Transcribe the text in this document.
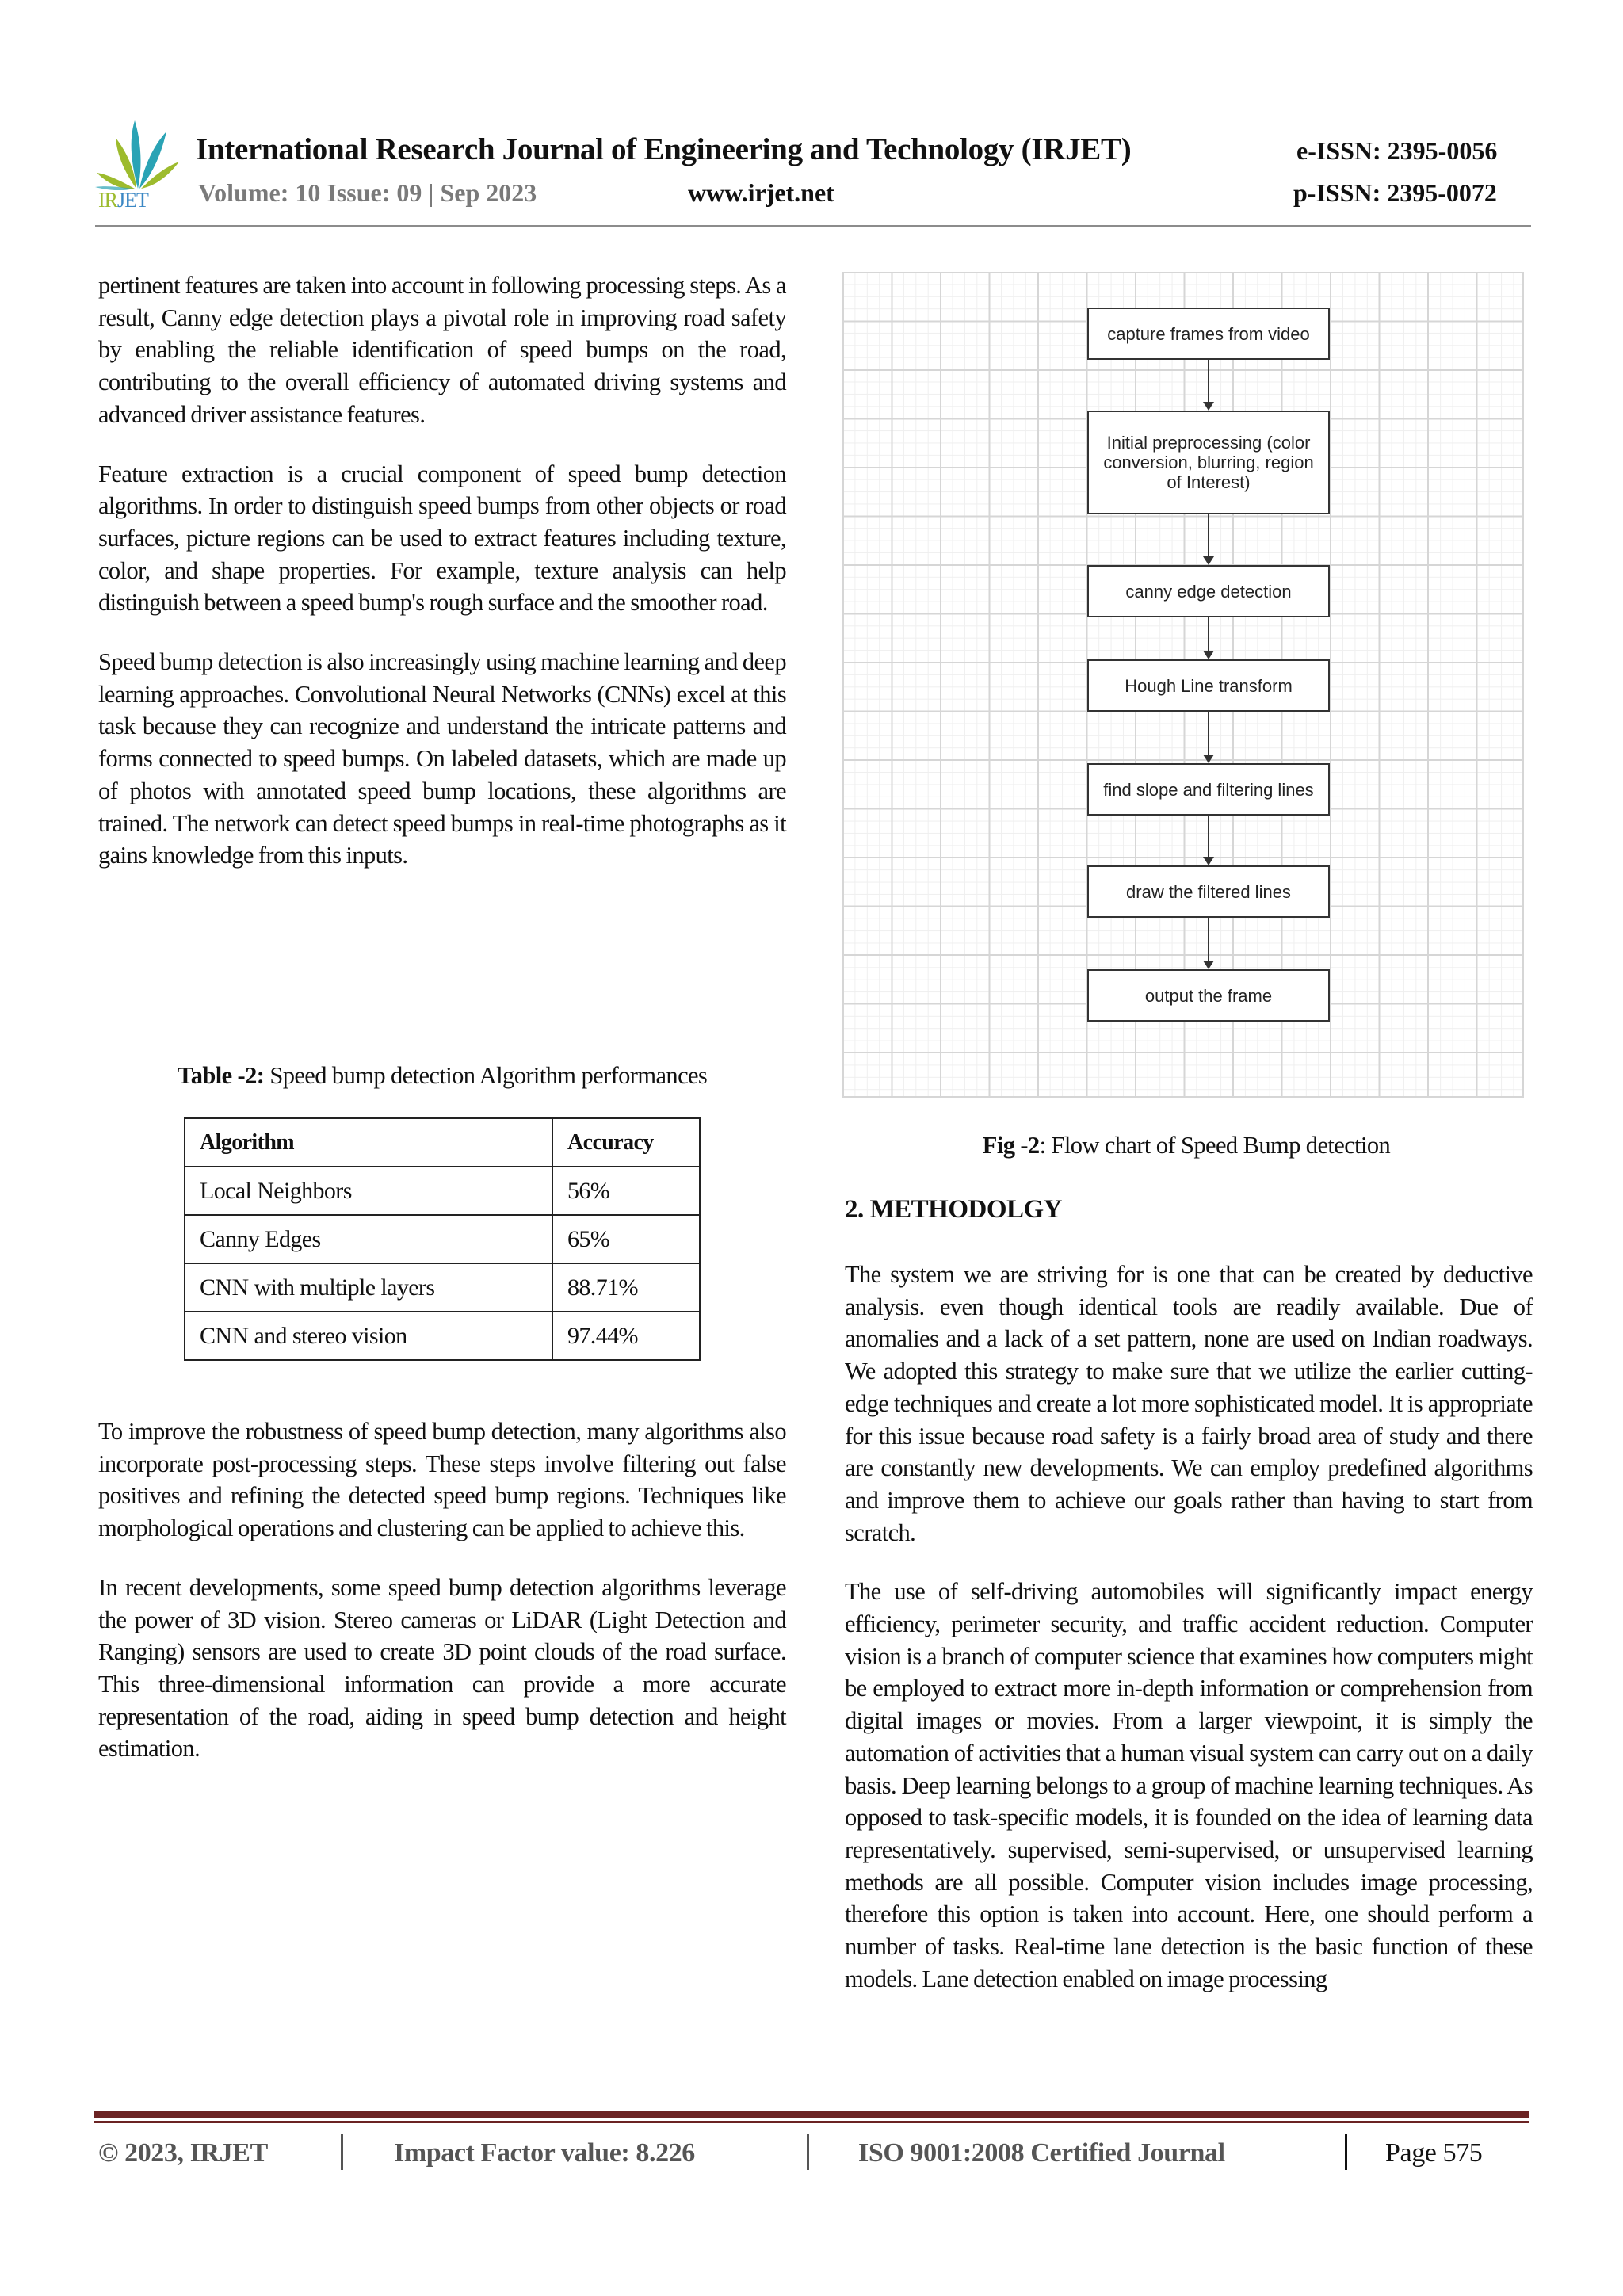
IRJET
International Research Journal of Engineering and Technology (IRJET)
Volume: 10 Issue: 09 | Sep 2023	www.irjet.net
e-ISSN: 2395-0056
p-ISSN: 2395-0072

pertinent features are taken into account in following processing steps. As a result, Canny edge detection plays a pivotal role in improving road safety by enabling the reliable identification of speed bumps on the road, contributing to the overall efficiency of automated driving systems and advanced driver assistance features.

Feature extraction is a crucial component of speed bump detection algorithms. In order to distinguish speed bumps from other objects or road surfaces, picture regions can be used to extract features including texture, color, and shape properties. For example, texture analysis can help distinguish between a speed bump's rough surface and the smoother road.

Speed bump detection is also increasingly using machine learning and deep learning approaches. Convolutional Neural Networks (CNNs) excel at this task because they can recognize and understand the intricate patterns and forms connected to speed bumps. On labeled datasets, which are made up of photos with annotated speed bump locations, these algorithms are trained. The network can detect speed bumps in real-time photographs as it gains knowledge from this inputs.

Table -2: Speed bump detection Algorithm performances
Algorithm	Accuracy
Local Neighbors	56%
Canny Edges	65%
CNN with multiple layers	88.71%
CNN and stereo vision	97.44%

To improve the robustness of speed bump detection, many algorithms also incorporate post-processing steps. These steps involve filtering out false positives and refining the detected speed bump regions. Techniques like morphological operations and clustering can be applied to achieve this.

In recent developments, some speed bump detection algorithms leverage the power of 3D vision. Stereo cameras or LiDAR (Light Detection and Ranging) sensors are used to create 3D point clouds of the road surface. This three-dimensional information can provide a more accurate representation of the road, aiding in speed bump detection and height estimation.

capture frames from video
Initial preprocessing (color conversion, blurring, region of Interest)
canny edge detection
Hough Line transform
find slope and filtering lines
draw the filtered lines
output the frame
Fig -2: Flow chart of Speed Bump detection
2. METHODOLGY

The system we are striving for is one that can be created by deductive analysis. even though identical tools are readily available. Due of anomalies and a lack of a set pattern, none are used on Indian roadways. We adopted this strategy to make sure that we utilize the earlier cutting-edge techniques and create a lot more sophisticated model. It is appropriate for this issue because road safety is a fairly broad area of study and there are constantly new developments. We can employ predefined algorithms and improve them to achieve our goals rather than having to start from scratch.

The use of self-driving automobiles will significantly impact energy efficiency, perimeter security, and traffic accident reduction. Computer vision is a branch of computer science that examines how computers might be employed to extract more in-depth information or comprehension from digital images or movies. From a larger viewpoint, it is simply the automation of activities that a human visual system can carry out on a daily basis. Deep learning belongs to a group of machine learning techniques. As opposed to task-specific models, it is founded on the idea of learning data representatively. supervised, semi-supervised, or unsupervised learning methods are all possible. Computer vision includes image processing, therefore this option is taken into account. Here, one should perform a number of tasks. Real-time lane detection is the basic function of these models. Lane detection enabled on image processing

© 2023, IRJET	Impact Factor value: 8.226	ISO 9001:2008 Certified Journal	Page 575
